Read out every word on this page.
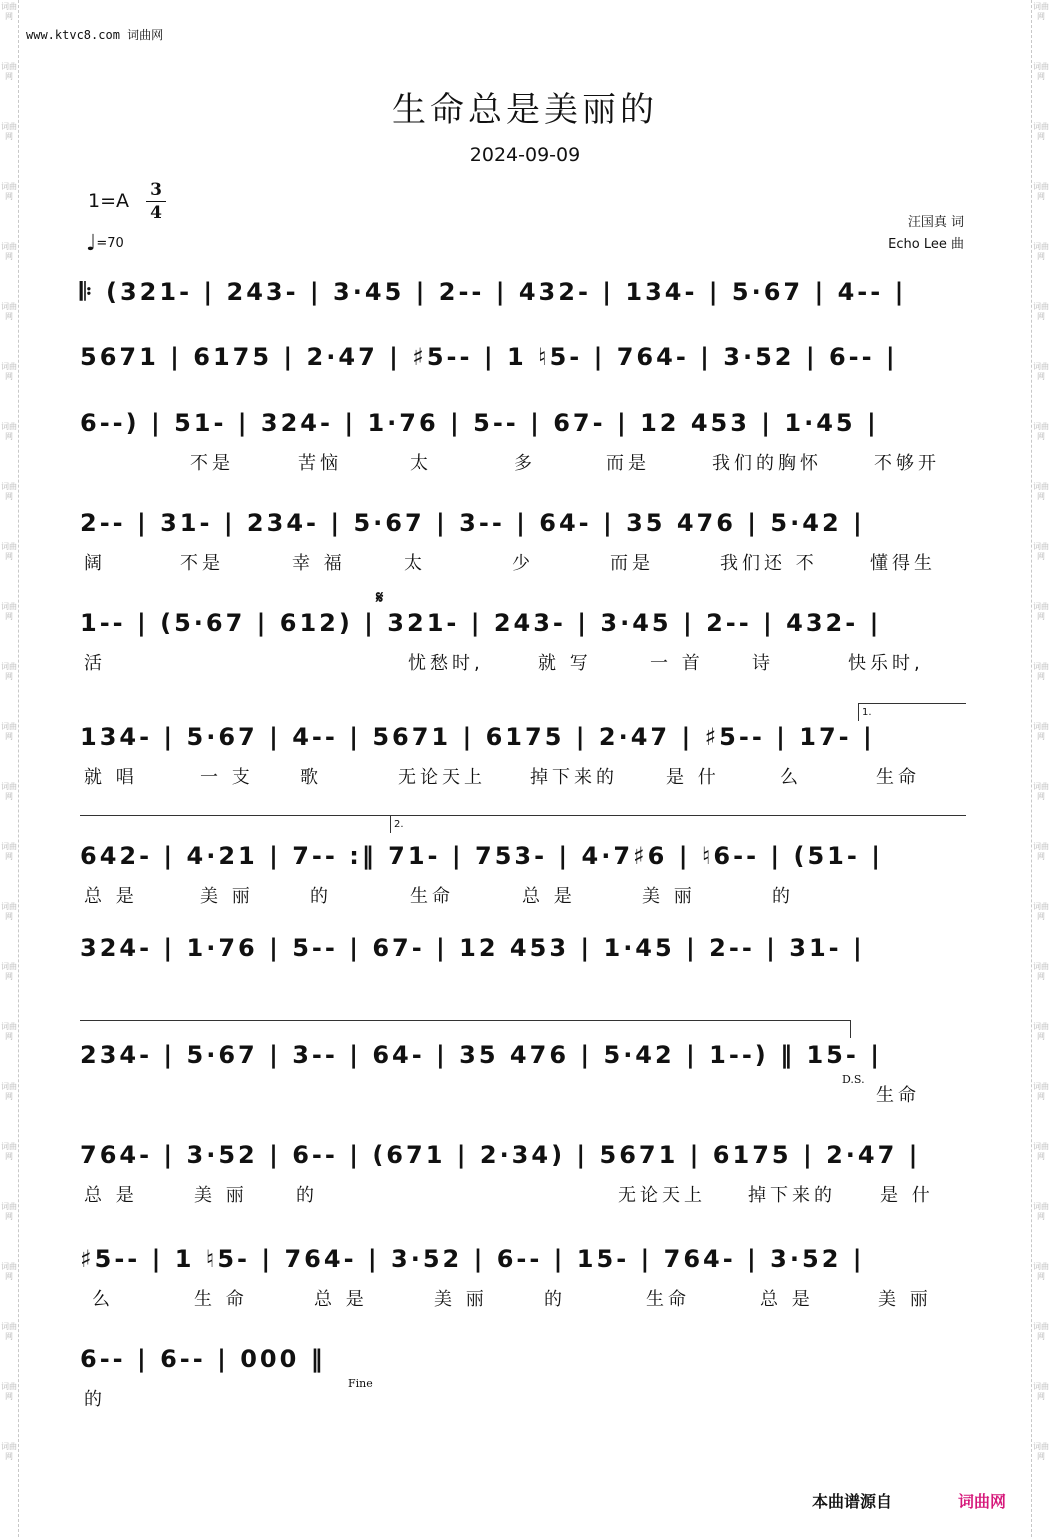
词曲网
词曲网
词曲网
词曲网
词曲网
词曲网
词曲网
词曲网
词曲网
词曲网
词曲网
词曲网
词曲网
词曲网
词曲网
词曲网
词曲网
词曲网
词曲网
词曲网
词曲网
词曲网
词曲网
词曲网
词曲网
词曲网
词曲网
词曲网
词曲网
词曲网
词曲网
词曲网
词曲网
词曲网
词曲网
词曲网
词曲网
词曲网
词曲网
词曲网
词曲网
词曲网
词曲网
词曲网
词曲网
词曲网
词曲网
词曲网
词曲网
词曲网
www.ktvc8.com 词曲网
生命总是美丽的
2024-09-09
1=A 3
4
♩=70
汪国真 词
Echo Lee 曲
𝄆 (321- | 243- | 3·45 | 2-- | 432- | 134- | 5·67 | 4-- |
5671 | 6175 | 2·47 | ♯5-- | 1 ♮5- | 764- | 3·52 | 6-- |
6--) | 51- | 324- | 1·76 | 5-- | 67- | 12 453 | 1·45 |
不是	苦恼	太	多	而是	我们的胸怀	不够开
2-- | 31- | 234- | 5·67 | 3-- | 64- | 35 476 | 5·42 |
阔	不是	幸 福	太	少	而是	我们还 不	懂得生
1-- | (5·67 | 612) | 321- | 243- | 3·45 | 2-- | 432- |
活	忧愁时,	就 写	一 首	诗	快乐时,
134- | 5·67 | 4-- | 5671 | 6175 | 2·47 | ♯5-- | 17- |
就 唱	一 支	歌	无论天上 掉下来的	是 什	么	生命
642- | 4·21 | 7-- :‖ 71- | 753- | 4·7♯6 | ♮6-- | (51- |
总 是	美 丽	的	生命	总 是	美 丽	的
324- | 1·76 | 5-- | 67- | 12 453 | 1·45 | 2-- | 31- |
234- | 5·67 | 3-- | 64- | 35 476 | 5·42 | 1--) ‖ 15- |
生命
764- | 3·52 | 6-- | (671 | 2·34) | 5671 | 6175 | 2·47 |
总 是	美 丽	的	无论天上 掉下来的 是 什
♯5-- | 1 ♮5- | 764- | 3·52 | 6-- | 15- | 764- | 3·52 |
么	生 命	总 是	美 丽	的	生命	总 是	美 丽
6-- | 6-- | 000 ‖
的
𝄋
1.
2.
D.S.
Fine
本曲谱源自	词曲网
